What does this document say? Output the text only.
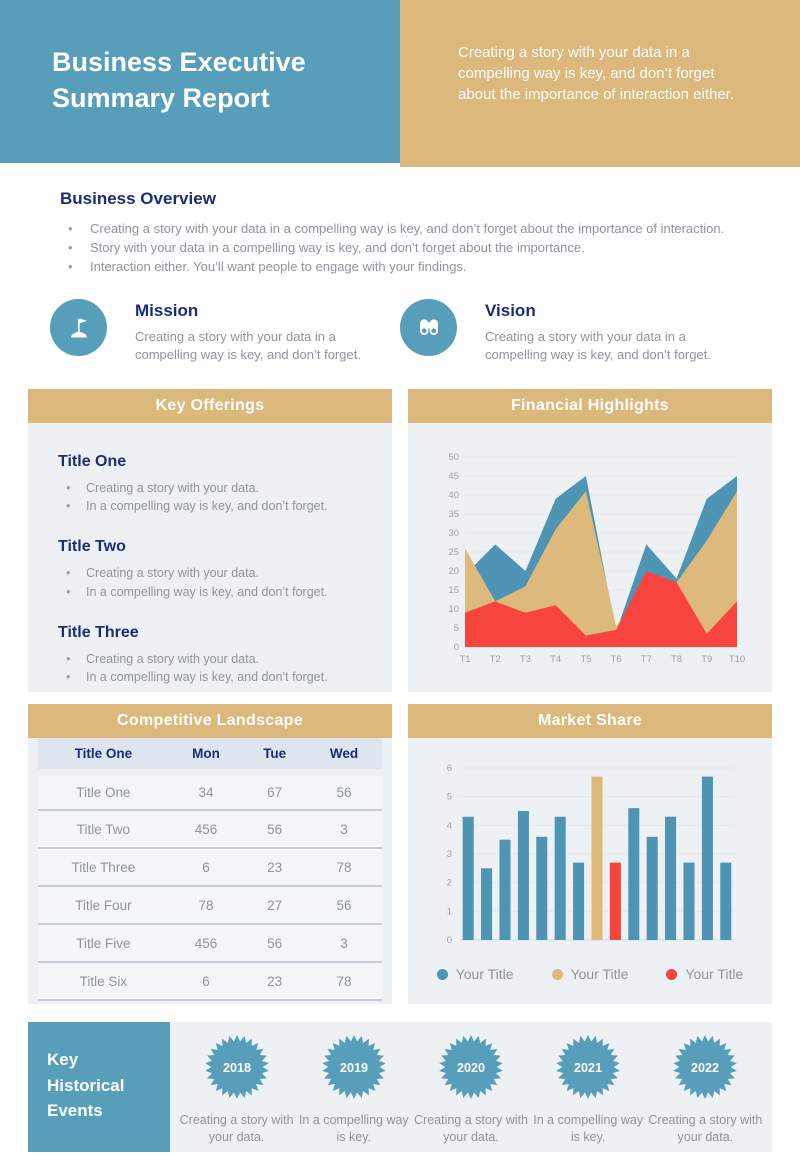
Business Executive Summary Report

Creating a story with your data in a compelling way is key, and don’t forget about the importance of interaction either.

Business Overview
• Creating a story with your data in a compelling way is key, and don’t forget about the importance of interaction.
• Story with your data in a compelling way is key, and don’t forget about the importance.
• Interaction either. You’ll want people to engage with your findings.
Mission

Creating a story with your data in a compelling way is key, and don’t forget.

Vision

Creating a story with your data in a compelling way is key, and don’t forget.

Key Offerings
Title One
• Creating a story with your data.
• In a compelling way is key, and don’t forget.
Title Two
• Creating a story with your data.
• In a compelling way is key, and don’t forget.
Title Three
• Creating a story with your data.
• In a compelling way is key, and don’t forget.
Financial Highlights
0
5
10
15
20
25
30
35
40
45
50
T1 T2 T3 T4 T5 T6 T7 T8 T9 T10
Competitive Landscape
Title One	Mon	Tue	Wed
Title One	34	67	56
Title Two	456	56	3
Title Three	6	23	78
Title Four	78	27	56
Title Five	456	56	3
Title Six	6	23	78
Market Share
0
1
2
3
4
5
6
Your Title	Your Title	Your Title
Key Historical Events
2018
Creating a story with your data.
2019
In a compelling way is key.
2020
Creating a story with your data.
2021
In a compelling way is key.
2022
Creating a story with your data.
